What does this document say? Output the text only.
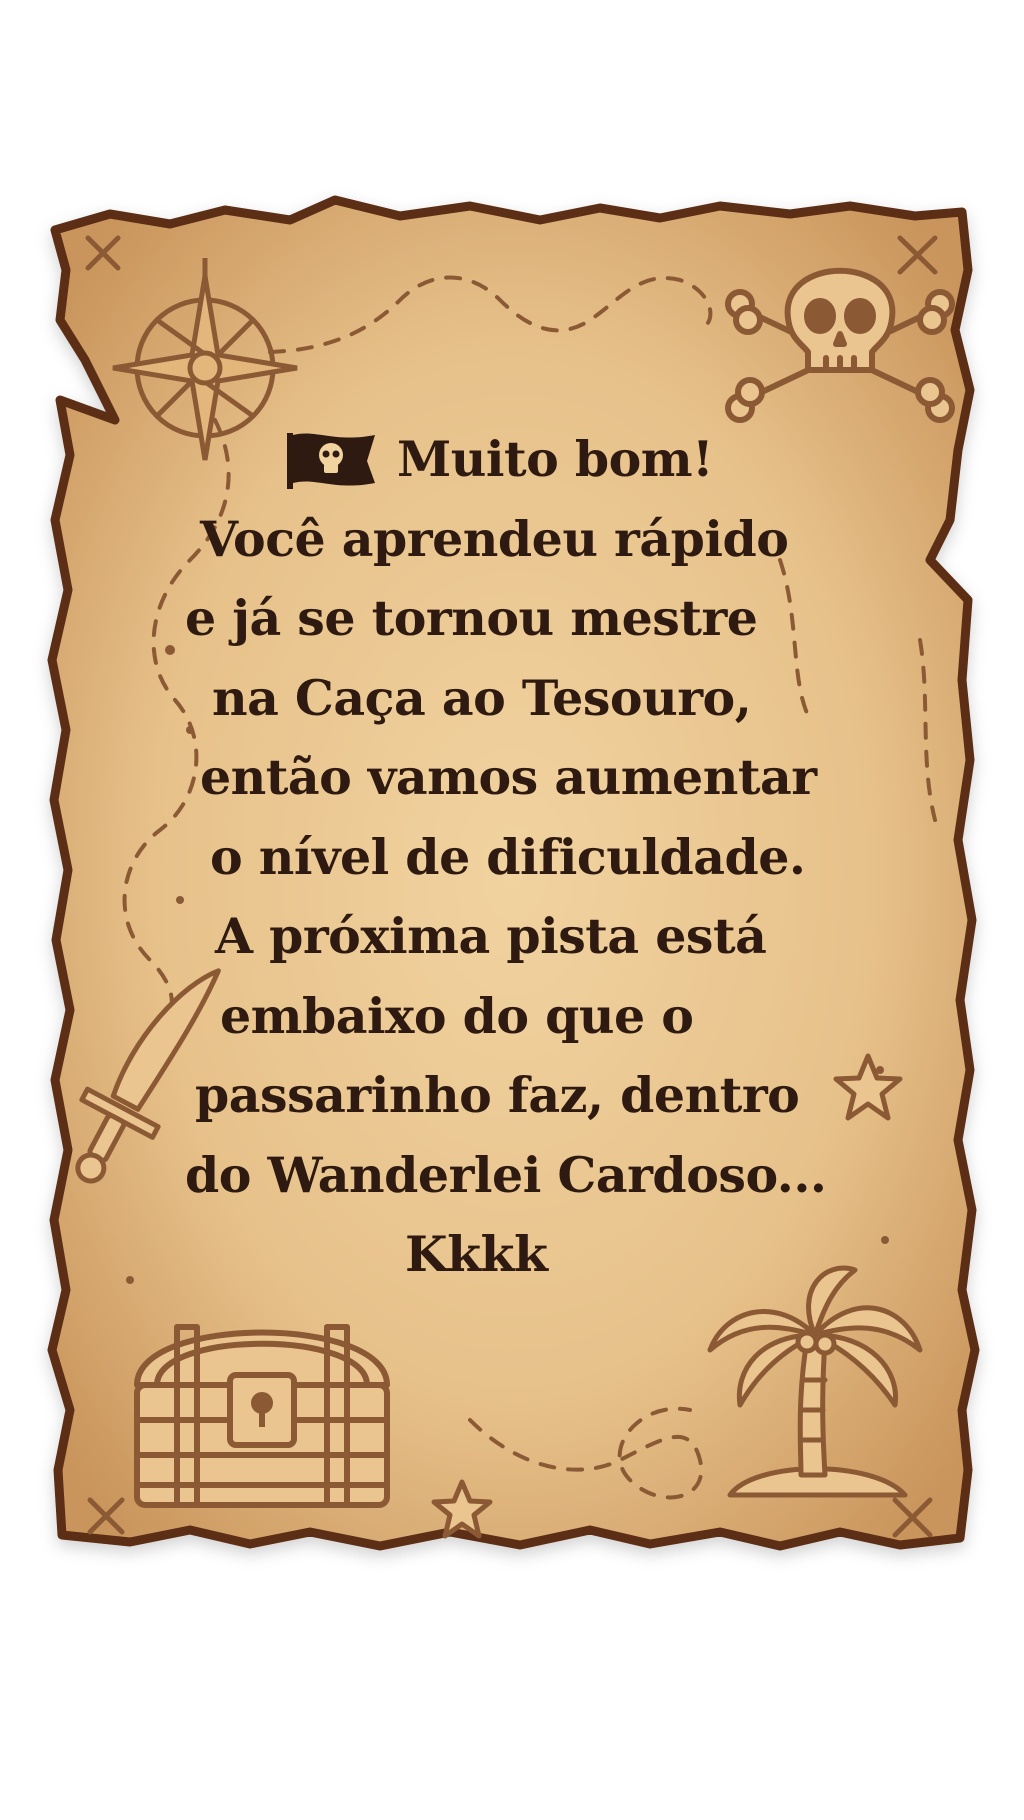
Muito bom!
Você aprendeu rápido
e já se tornou mestre
na Caça ao Tesouro,
então vamos aumentar
o nível de dificuldade.
A próxima pista está
embaixo do que o
passarinho faz, dentro
do Wanderlei Cardoso...
Kkkk
